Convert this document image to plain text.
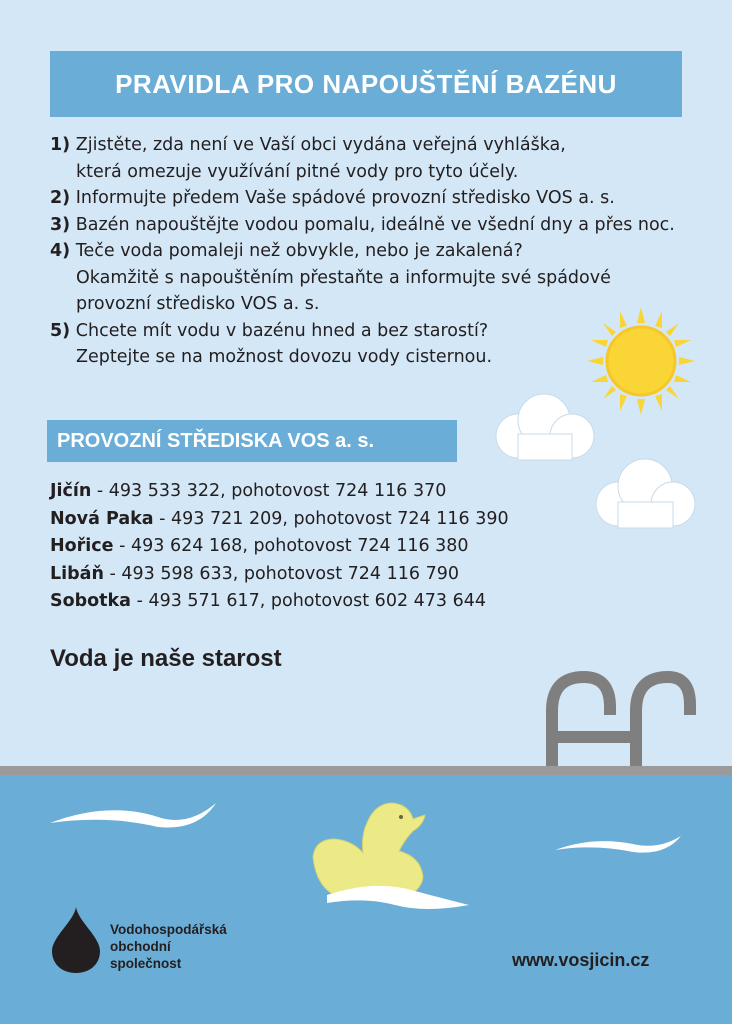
PRAVIDLA PRO NAPOUŠTĚNÍ BAZÉNU
1) Zjistěte, zda není ve Vaší obci vydána veřejná vyhláška,
která omezuje využívání pitné vody pro tyto účely.
2) Informujte předem Vaše spádové provozní středisko VOS a. s.
3) Bazén napouštějte vodou pomalu, ideálně ve všední dny a přes noc.
4) Teče voda pomaleji než obvykle, nebo je zakalená?
Okamžitě s napouštěním přestaňte a informujte své spádové
provozní středisko VOS a. s.
5) Chcete mít vodu v bazénu hned a bez starostí?
Zeptejte se na možnost dovozu vody cisternou.
PROVOZNÍ STŘEDISKA VOS a. s.
Jičín - 493 533 322, pohotovost 724 116 370
Nová Paka - 493 721 209, pohotovost 724 116 390
Hořice - 493 624 168, pohotovost 724 116 380
Libáň - 493 598 633, pohotovost 724 116 790
Sobotka - 493 571 617, pohotovost 602 473 644
Voda je naše starost
Vodohospodářská
obchodní
společnost	www.vosjicin.cz
